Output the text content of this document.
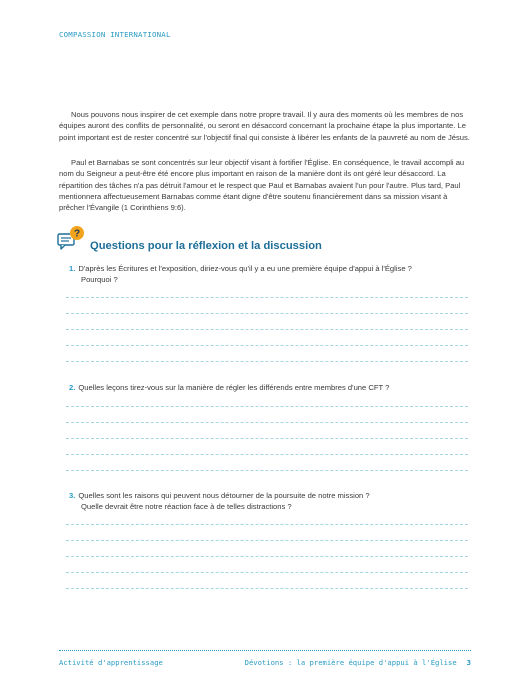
COMPASSION INTERNATIONAL

Nous pouvons nous inspirer de cet exemple dans notre propre travail. Il y aura des moments où les membres de nos équipes auront des conflits de personnalité, ou seront en désaccord concernant la prochaine étape la plus importante. Le point important est de rester concentré sur l'objectif final qui consiste à libérer les enfants de la pauvreté au nom de Jésus.

Paul et Barnabas se sont concentrés sur leur objectif visant à fortifier l'Église. En conséquence, le travail accompli au nom du Seigneur a peut-être été encore plus important en raison de la manière dont ils ont géré leur désaccord. La répartition des tâches n'a pas détruit l'amour et le respect que Paul et Barnabas avaient l'un pour l'autre. Plus tard, Paul mentionnera affectueusement Barnabas comme étant digne d'être soutenu financièrement dans sa mission visant à prêcher l'Évangile (1 Corinthiens 9:6).

?
Questions pour la réflexion et la discussion
1. D'après les Écritures et l'exposition, diriez-vous qu'il y a eu une première équipe d'appui à l'Église ?
Pourquoi ?
2. Quelles leçons tirez-vous sur la manière de régler les différends entre membres d'une CFT ?
3. Quelles sont les raisons qui peuvent nous détourner de la poursuite de notre mission ?
Quelle devrait être notre réaction face à de telles distractions ?
Activité d'apprentissage	Dévotions : la première équipe d'appui à l'Église 3
